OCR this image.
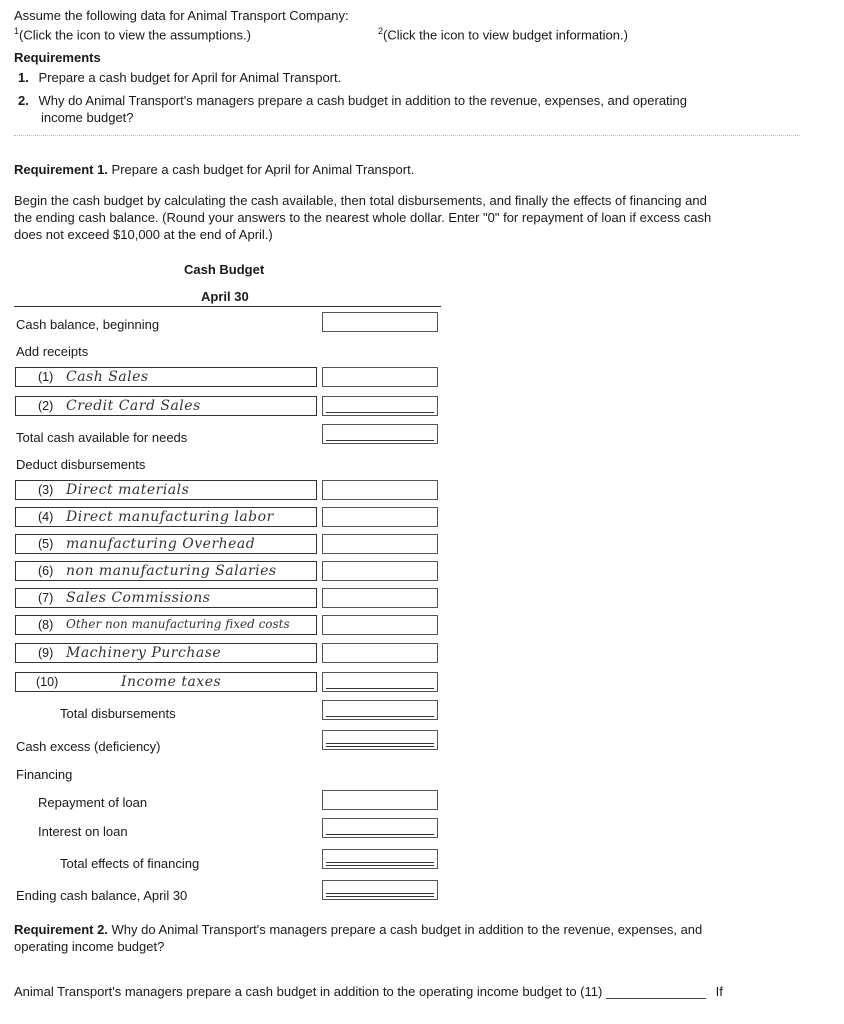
Assume the following data for Animal Transport Company:
$^1$(Click the icon to view the assumptions.)	$^2$(Click the icon to view budget information.)
Requirements
1. Prepare a cash budget for April for Animal Transport.
2. Why do Animal Transport's managers prepare a cash budget in addition to the revenue, expenses, and operating
income budget?
Requirement 1. Prepare a cash budget for April for Animal Transport.
Begin the cash budget by calculating the cash available, then total disbursements, and finally the effects of financing and
the ending cash balance. (Round your answers to the nearest whole dollar. Enter "0" for repayment of loan if excess cash
does not exceed $10,000 at the end of April.)
Cash Budget
April 30
Cash balance, beginning
Add receipts
(1) Cash Sales
(2) Credit Card Sales
Total cash available for needs
Deduct disbursements
(3) Direct materials
(4) Direct manufacturing labor
(5) manufacturing Overhead
(6) non manufacturing Salaries
(7) Sales Commissions
(8) Other non manufacturing fixed costs
(9) Machinery Purchase
(10)	Income taxes
Total disbursements
Cash excess (deficiency)
Financing
Repayment of loan
Interest on loan
Total effects of financing
Ending cash balance, April 30
Requirement 2. Why do Animal Transport's managers prepare a cash budget in addition to the revenue, expenses, and
operating income budget?
Animal Transport's managers prepare a cash budget in addition to the operating income budget to (11)	If
